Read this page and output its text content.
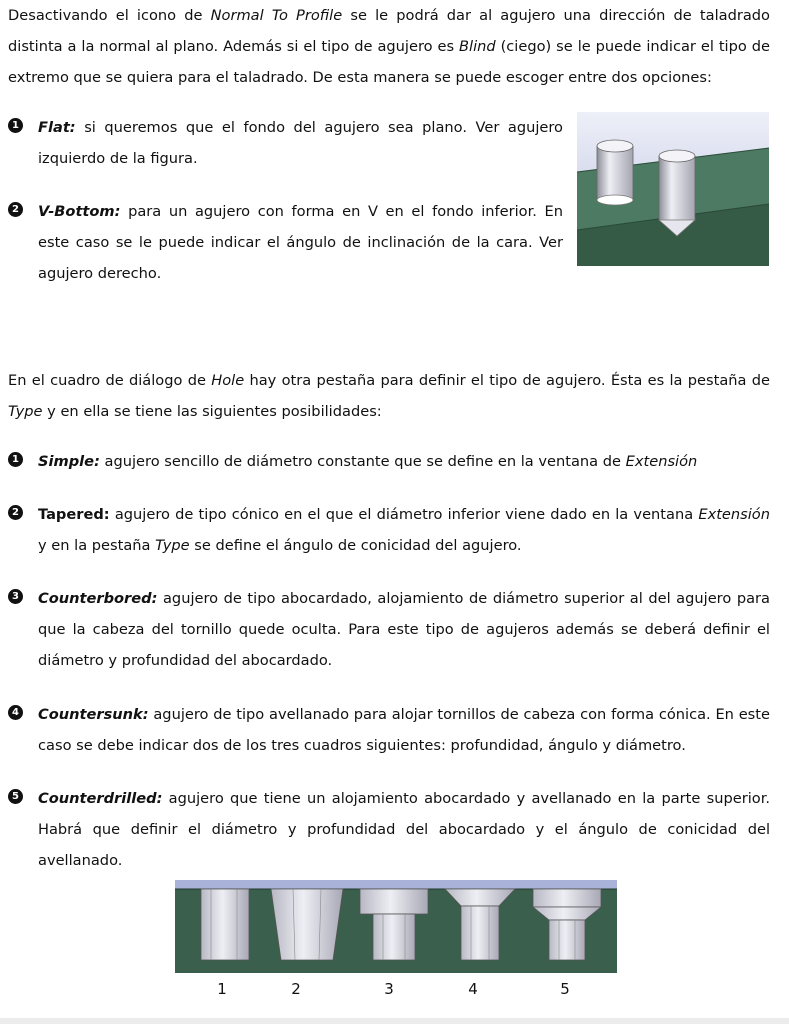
Desactivando el icono de Normal To Profile se le podrá dar al agujero una dirección de taladrado distinta a la normal al plano. Además si el tipo de agujero es Blind (ciego) se le puede indicar el tipo de extremo que se quiera para el taladrado. De esta manera se puede escoger entre dos opciones:

1	Flat: si queremos que el fondo del agujero sea plano. Ver agujero izquierdo de la figura.
2	V-Bottom: para un agujero con forma en V en el fondo inferior. En este caso se le puede indicar el ángulo de inclinación de la cara. Ver agujero derecho.

En el cuadro de diálogo de Hole hay otra pestaña para definir el tipo de agujero. Ésta es la pestaña de Type y en ella se tiene las siguientes posibilidades:

1	Simple: agujero sencillo de diámetro constante que se define en la ventana de Extensión
2	Tapered: agujero de tipo cónico en el que el diámetro inferior viene dado en la ventana Extensión y en la pestaña Type se define el ángulo de conicidad del agujero.
3	Counterbored: agujero de tipo abocardado, alojamiento de diámetro superior al del agujero para que la cabeza del tornillo quede oculta. Para este tipo de agujeros además se deberá definir el diámetro y profundidad del abocardado.
4	Countersunk: agujero de tipo avellanado para alojar tornillos de cabeza con forma cónica. En este caso se debe indicar dos de los tres cuadros siguientes: profundidad, ángulo y diámetro.
5	Counterdrilled: agujero que tiene un alojamiento abocardado y avellanado en la parte superior. Habrá que definir el diámetro y profundidad del abocardado y el ángulo de conicidad del avellanado.
1	2	3	4	5
